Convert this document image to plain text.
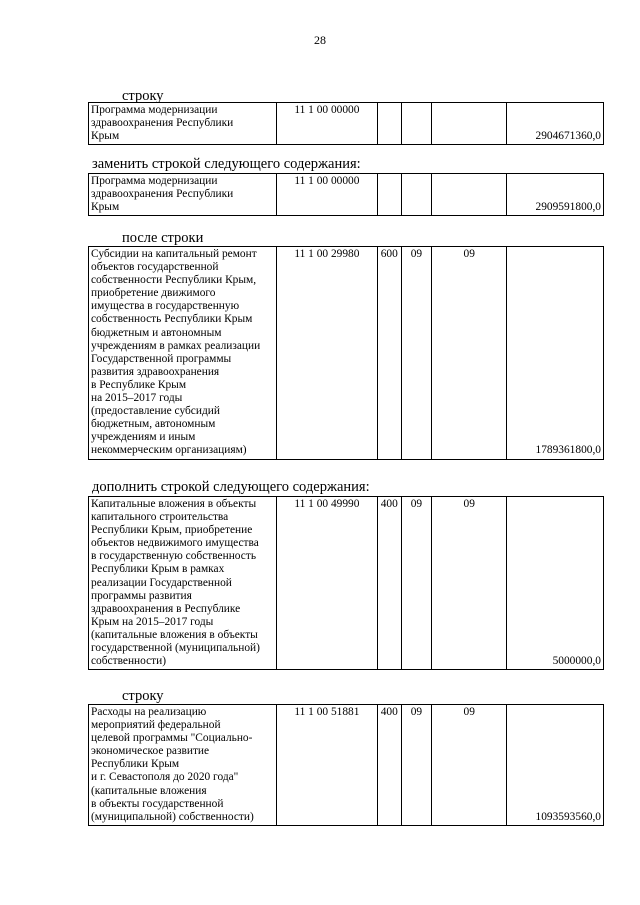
28
строку
Программа модернизации
здравоохранения Республики
Крым	11 1 00 00000				2904671360,0
заменить строкой следующего содержания:
Программа модернизации
здравоохранения Республики
Крым	11 1 00 00000				2909591800,0
после строки
Субсидии на капитальный ремонт
объектов государственной
собственности Республики Крым,
приобретение движимого
имущества в государственную
собственность Республики Крым
бюджетным и автономным
учреждениям в рамках реализации
Государственной программы
развития здравоохранения
в Республике Крым
на 2015–2017 годы
(предоставление субсидий
бюджетным, автономным
учреждениям и иным
некоммерческим организациям)	11 1 00 29980	600	09	09	1789361800,0
дополнить строкой следующего содержания:
Капитальные вложения в объекты
капитального строительства
Республики Крым, приобретение
объектов недвижимого имущества
в государственную собственность
Республики Крым в рамках
реализации Государственной
программы развития
здравоохранения в Республике
Крым на 2015–2017 годы
(капитальные вложения в объекты
государственной (муниципальной)
собственности)	11 1 00 49990	400	09	09	5000000,0
строку
Расходы на реализацию
мероприятий федеральной
целевой программы "Социально-
экономическое развитие
Республики Крым
и г. Севастополя до 2020 года"
(капитальные вложения
в объекты государственной
(муниципальной) собственности)	11 1 00 51881	400	09	09	1093593560,0
